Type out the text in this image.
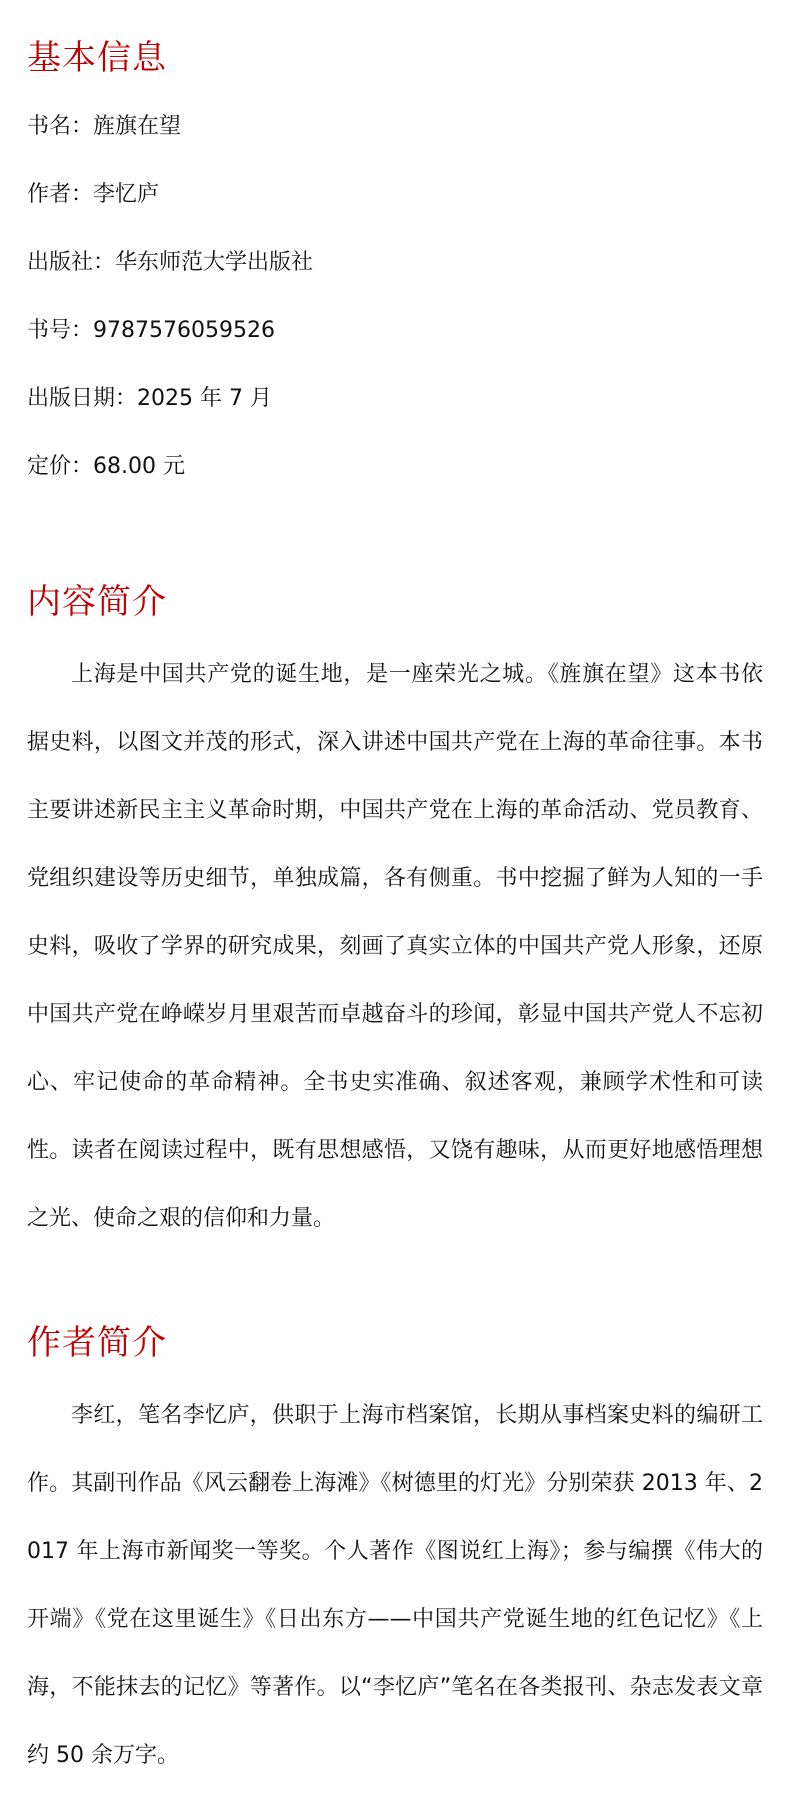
基本信息

书名：旌旗在望

作者：李忆庐

出版社：华东师范大学出版社

书号：9787576059526

出版日期：2025 年 7 月

定价：68.00 元

内容简介

上海是中国共产党的诞生地，是一座荣光之城。《旌旗在望》这本书依据史料，以图文并茂的形式，深入讲述中国共产党在上海的革命往事。本书主要讲述新民主主义革命时期，中国共产党在上海的革命活动、党员教育、党组织建设等历史细节，单独成篇，各有侧重。书中挖掘了鲜为人知的一手史料，吸收了学界的研究成果，刻画了真实立体的中国共产党人形象，还原中国共产党在峥嵘岁月里艰苦而卓越奋斗的珍闻，彰显中国共产党人不忘初心、牢记使命的革命精神。全书史实准确、叙述客观，兼顾学术性和可读性。读者在阅读过程中，既有思想感悟，又饶有趣味，从而更好地感悟理想之光、使命之艰的信仰和力量。

作者简介

李红，笔名李忆庐，供职于上海市档案馆，长期从事档案史料的编研工作。其副刊作品《风云翻卷上海滩》《树德里的灯光》分别荣获 2013 年、2017 年上海市新闻奖一等奖。个人著作《图说红上海》；参与编撰《伟大的开端》《党在这里诞生》《日出东方——中国共产党诞生地的红色记忆》《上海，不能抹去的记忆》等著作。以“李忆庐”笔名在各类报刊、杂志发表文章约 50 余万字。
